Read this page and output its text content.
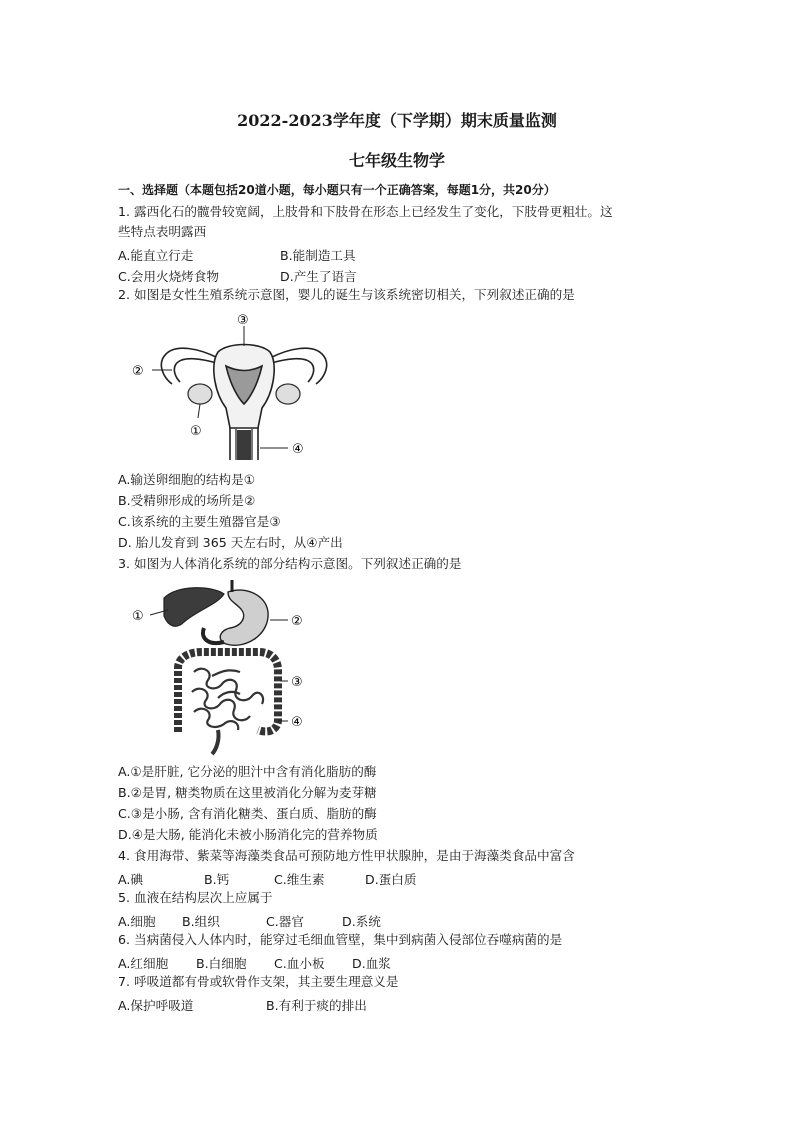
2022-2023学年度（下学期）期末质量监测
七年级生物学
一、选择题（本题包括20道小题，每小题只有一个正确答案，每题1分，共20分）
1. 露西化石的髋骨较宽阔，上肢骨和下肢骨在形态上已经发生了变化，下肢骨更粗壮。这
些特点表明露西
A.能直立行走	B.能制造工具
C.会用火烧烤食物	D.产生了语言
2. 如图是女性生殖系统示意图，婴儿的诞生与该系统密切相关，下列叙述正确的是
③
②
①
④
A.输送卵细胞的结构是①
B.受精卵形成的场所是②
C.该系统的主要生殖器官是③
D. 胎儿发育到 365 天左右时，从④产出
3. 如图为人体消化系统的部分结构示意图。下列叙述正确的是
①	②
③
④
A.①是肝脏, 它分泌的胆汁中含有消化脂肪的酶
B.②是胃, 糖类物质在这里被消化分解为麦芽糖
C.③是小肠, 含有消化糖类、蛋白质、脂肪的酶
D.④是大肠, 能消化未被小肠消化完的营养物质
4. 食用海带、紫菜等海藻类食品可预防地方性甲状腺肿，是由于海藻类食品中富含
A.碘	B.钙	C.维生素	D.蛋白质
5. 血液在结构层次上应属于
A.细胞 B.组织	C.器官	D.系统
6. 当病菌侵入人体内时，能穿过毛细血管壁，集中到病菌入侵部位吞噬病菌的是
A.红细胞 B.白细胞 C.血小板 D.血浆
7. 呼吸道都有骨或软骨作支架，其主要生理意义是
A.保护呼吸道	B.有利于痰的排出
